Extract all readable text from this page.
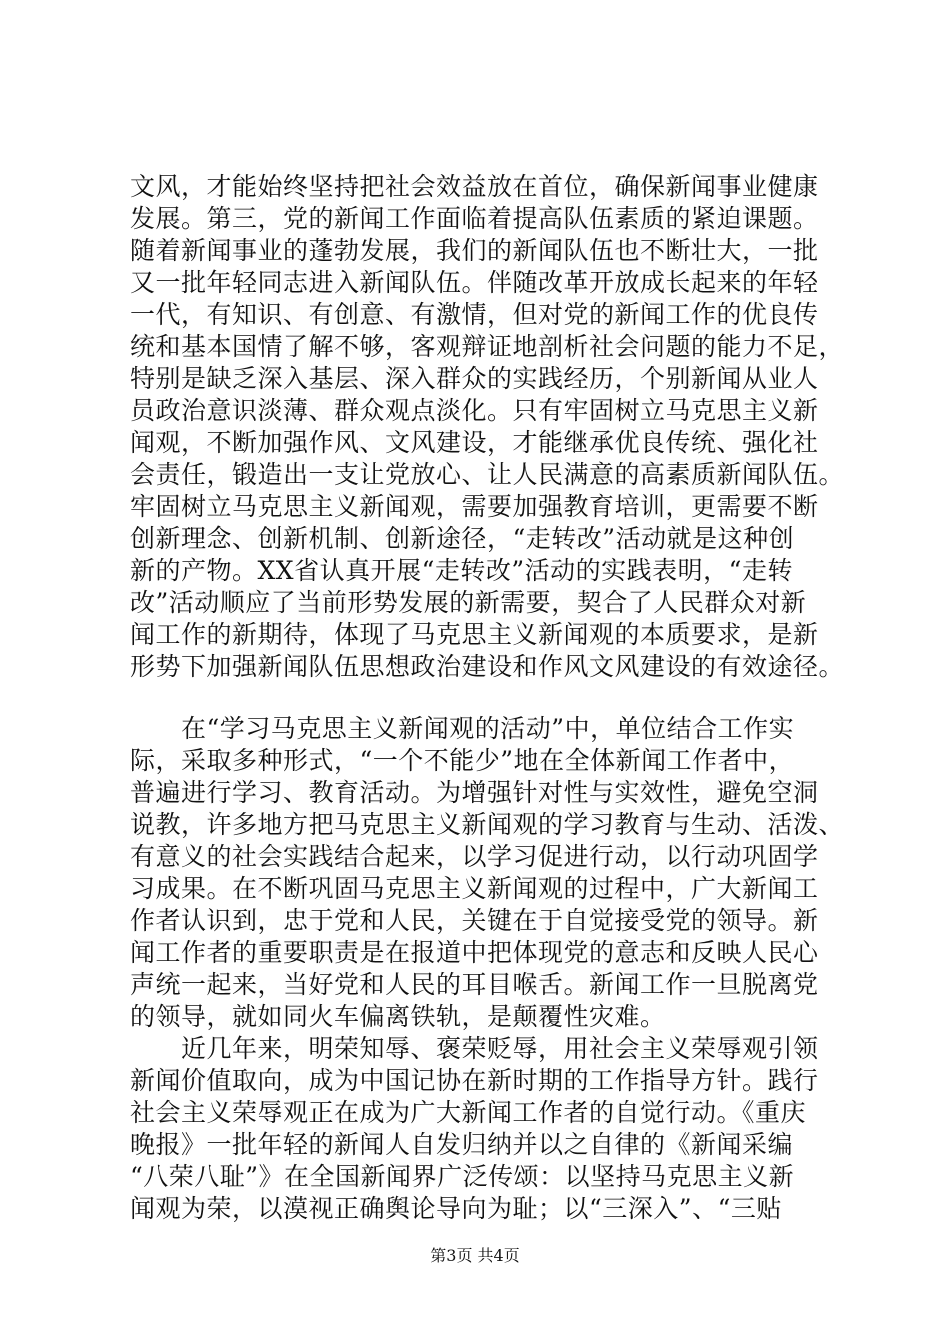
文风，才能始终坚持把社会效益放在首位，确保新闻事业健康
发展。第三，党的新闻工作面临着提高队伍素质的紧迫课题。
随着新闻事业的蓬勃发展，我们的新闻队伍也不断壮大，一批
又一批年轻同志进入新闻队伍。伴随改革开放成长起来的年轻
一代，有知识、有创意、有激情，但对党的新闻工作的优良传
统和基本国情了解不够，客观辩证地剖析社会问题的能力不足，
特别是缺乏深入基层、深入群众的实践经历，个别新闻从业人
员政治意识淡薄、群众观点淡化。只有牢固树立马克思主义新
闻观，不断加强作风、文风建设，才能继承优良传统、强化社
会责任，锻造出一支让党放心、让人民满意的高素质新闻队伍。
牢固树立马克思主义新闻观，需要加强教育培训，更需要不断
创新理念、创新机制、创新途径，“走转改”活动就是这种创
新的产物。XX省认真开展“走转改”活动的实践表明，“走转
改”活动顺应了当前形势发展的新需要，契合了人民群众对新
闻工作的新期待，体现了马克思主义新闻观的本质要求，是新
形势下加强新闻队伍思想政治建设和作风文风建设的有效途径。
　　在“学习马克思主义新闻观的活动”中，单位结合工作实
际，采取多种形式，“一个不能少”地在全体新闻工作者中，
普遍进行学习、教育活动。为增强针对性与实效性，避免空洞
说教，许多地方把马克思主义新闻观的学习教育与生动、活泼、
有意义的社会实践结合起来，以学习促进行动，以行动巩固学
习成果。在不断巩固马克思主义新闻观的过程中，广大新闻工
作者认识到，忠于党和人民，关键在于自觉接受党的领导。新
闻工作者的重要职责是在报道中把体现党的意志和反映人民心
声统一起来，当好党和人民的耳目喉舌。新闻工作一旦脱离党
的领导，就如同火车偏离铁轨，是颠覆性灾难。
　　近几年来，明荣知辱、褒荣贬辱，用社会主义荣辱观引领
新闻价值取向，成为中国记协在新时期的工作指导方针。践行
社会主义荣辱观正在成为广大新闻工作者的自觉行动。《重庆
晚报》一批年轻的新闻人自发归纳并以之自律的《新闻采编
“八荣八耻”》在全国新闻界广泛传颂：以坚持马克思主义新
闻观为荣，以漠视正确舆论导向为耻；以“三深入”、“三贴
第3页 共4页
